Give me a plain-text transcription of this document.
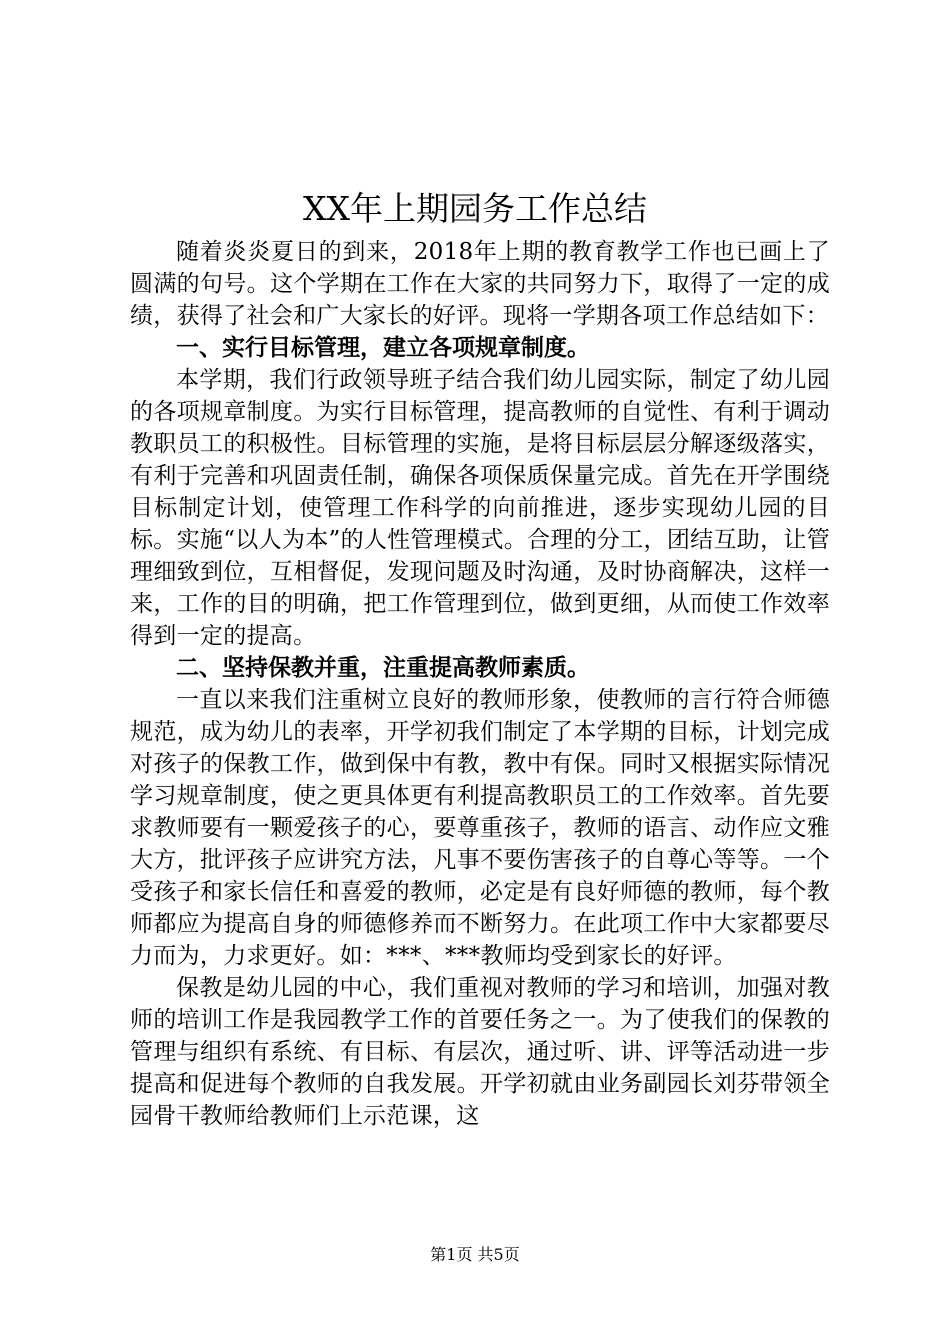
XX年上期园务工作总结

随着炎炎夏日的到来，2018年上期的教育教学工作也已画上了圆满的句号。这个学期在工作在大家的共同努力下，取得了一定的成绩，获得了社会和广大家长的好评。现将一学期各项工作总结如下：

一、实行目标管理，建立各项规章制度。

本学期，我们行政领导班子结合我们幼儿园实际，制定了幼儿园的各项规章制度。为实行目标管理，提高教师的自觉性、有利于调动教职员工的积极性。目标管理的实施，是将目标层层分解逐级落实，有利于完善和巩固责任制，确保各项保质保量完成。首先在开学围绕目标制定计划，使管理工作科学的向前推进，逐步实现幼儿园的目标。实施“以人为本”的人性管理模式。合理的分工，团结互助，让管理细致到位，互相督促，发现问题及时沟通，及时协商解决，这样一来，工作的目的明确，把工作管理到位，做到更细，从而使工作效率得到一定的提高。

二、坚持保教并重，注重提高教师素质。

一直以来我们注重树立良好的教师形象，使教师的言行符合师德规范，成为幼儿的表率，开学初我们制定了本学期的目标，计划完成对孩子的保教工作，做到保中有教，教中有保。同时又根据实际情况学习规章制度，使之更具体更有利提高教职员工的工作效率。首先要求教师要有一颗爱孩子的心，要尊重孩子，教师的语言、动作应文雅大方，批评孩子应讲究方法，凡事不要伤害孩子的自尊心等等。一个受孩子和家长信任和喜爱的教师，必定是有良好师德的教师，每个教师都应为提高自身的师德修养而不断努力。在此项工作中大家都要尽力而为，力求更好。如：***、***教师均受到家长的好评。

保教是幼儿园的中心，我们重视对教师的学习和培训，加强对教师的培训工作是我园教学工作的首要任务之一。为了使我们的保教的管理与组织有系统、有目标、有层次，通过听、讲、评等活动进一步提高和促进每个教师的自我发展。开学初就由业务副园长刘芬带领全园骨干教师给教师们上示范课，这

第1页 共5页
